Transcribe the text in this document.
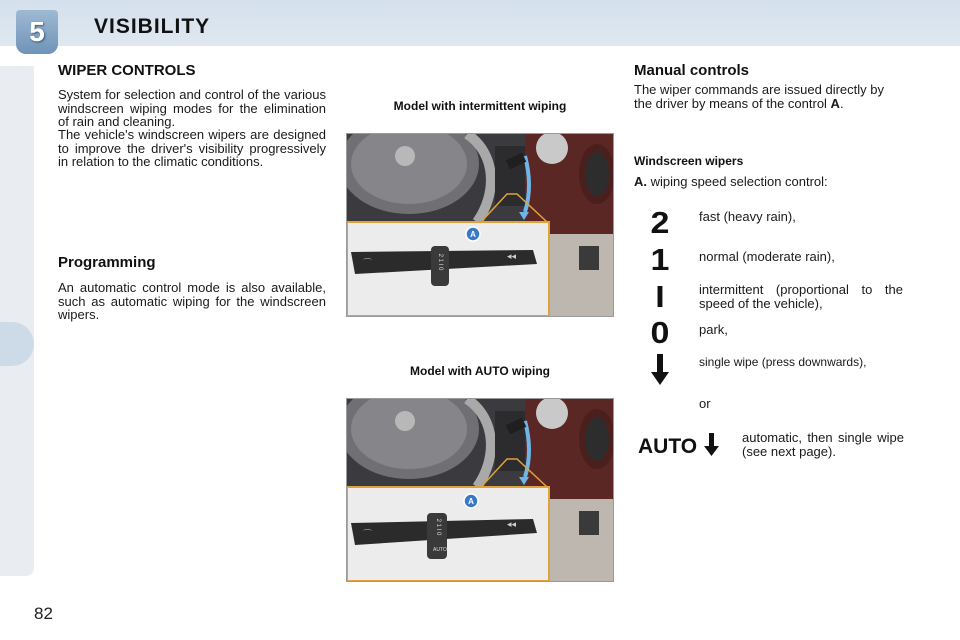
5	VISIBILITY
82
WIPER CONTROLS

System for selection and control of the various windscreen wiping modes for the elimination of rain and cleaning.

The vehicle's windscreen wipers are designed to improve the driver's visibility progressively in relation to the climatic conditions.

Programming

An automatic control mode is also available, such as automatic wiping for the windscreen wipers.

Model with intermittent wiping
2 1 I 0
A
◂◂
⌒
Model with AUTO wiping
2 1 I 0
AUTO
A
◂◂
⌒
Manual controls

The wiper commands are issued directly by the driver by means of the control A.

Windscreen wipers
A. wiping speed selection control:
2 fast (heavy rain),
1 normal (moderate rain),
I	intermittent (proportional to the speed of the vehicle),
0 park,
single wipe (press downwards),
or
AUTO	automatic, then single wipe (see next page).
